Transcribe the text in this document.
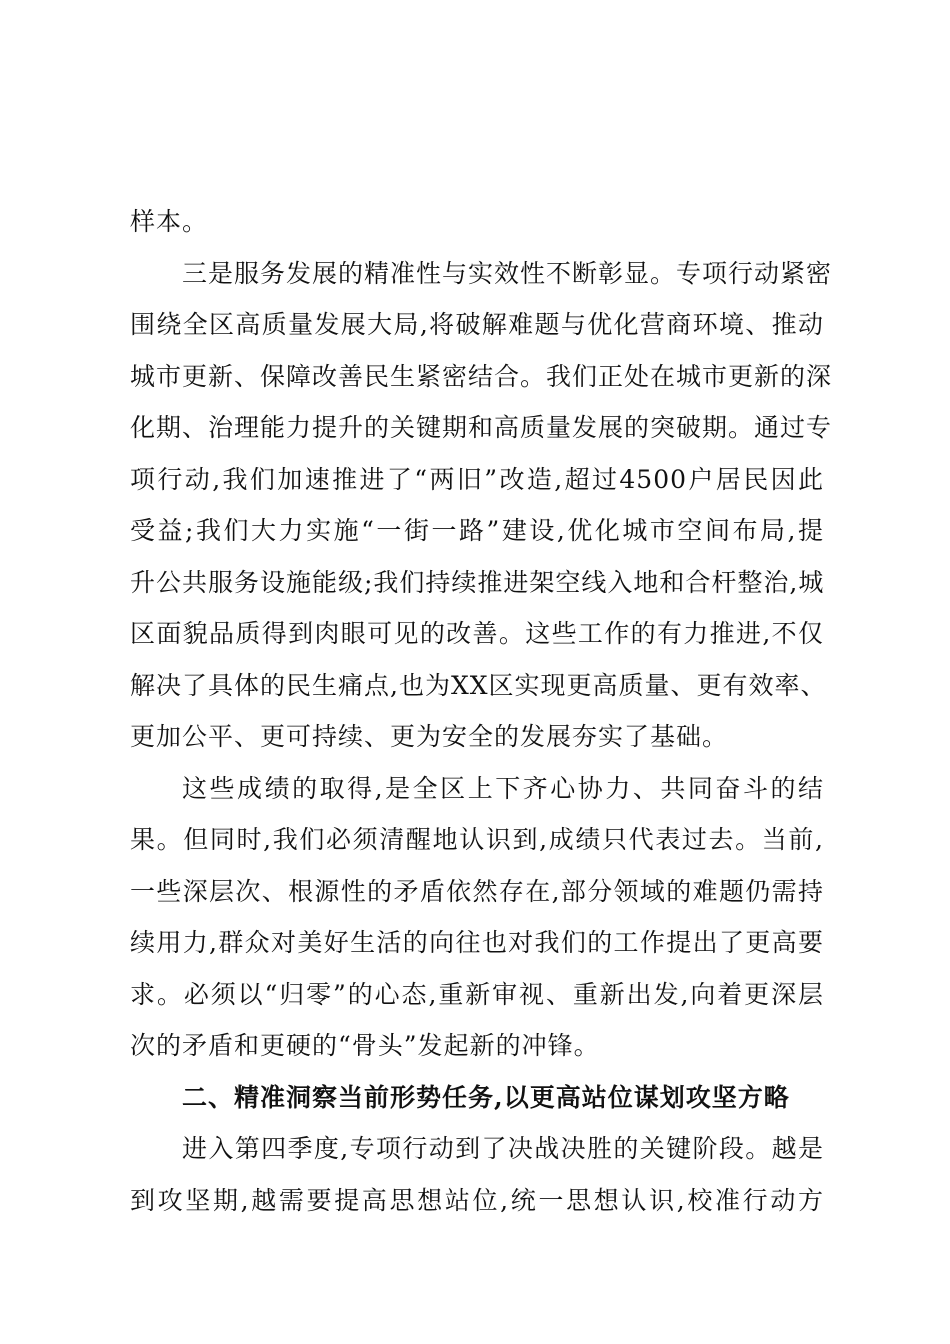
样本。
三是服务发展的精准性与实效性不断彰显。专项行动紧密
围绕全区高质量发展大局,将破解难题与优化营商环境、推动
城市更新、保障改善民生紧密结合。我们正处在城市更新的深
化期、治理能力提升的关键期和高质量发展的突破期。通过专
项行动,我们加速推进了“两旧”改造,超过4500户居民因此
受益;我们大力实施“一街一路”建设,优化城市空间布局,提
升公共服务设施能级;我们持续推进架空线入地和合杆整治,城
区面貌品质得到肉眼可见的改善。这些工作的有力推进,不仅
解决了具体的民生痛点,也为XX区实现更高质量、更有效率、
更加公平、更可持续、更为安全的发展夯实了基础。
这些成绩的取得,是全区上下齐心协力、共同奋斗的结
果。但同时,我们必须清醒地认识到,成绩只代表过去。当前,
一些深层次、根源性的矛盾依然存在,部分领域的难题仍需持
续用力,群众对美好生活的向往也对我们的工作提出了更高要
求。必须以“归零”的心态,重新审视、重新出发,向着更深层
次的矛盾和更硬的“骨头”发起新的冲锋。
二、精准洞察当前形势任务,以更高站位谋划攻坚方略
进入第四季度,专项行动到了决战决胜的关键阶段。越是
到攻坚期,越需要提高思想站位,统一思想认识,校准行动方
